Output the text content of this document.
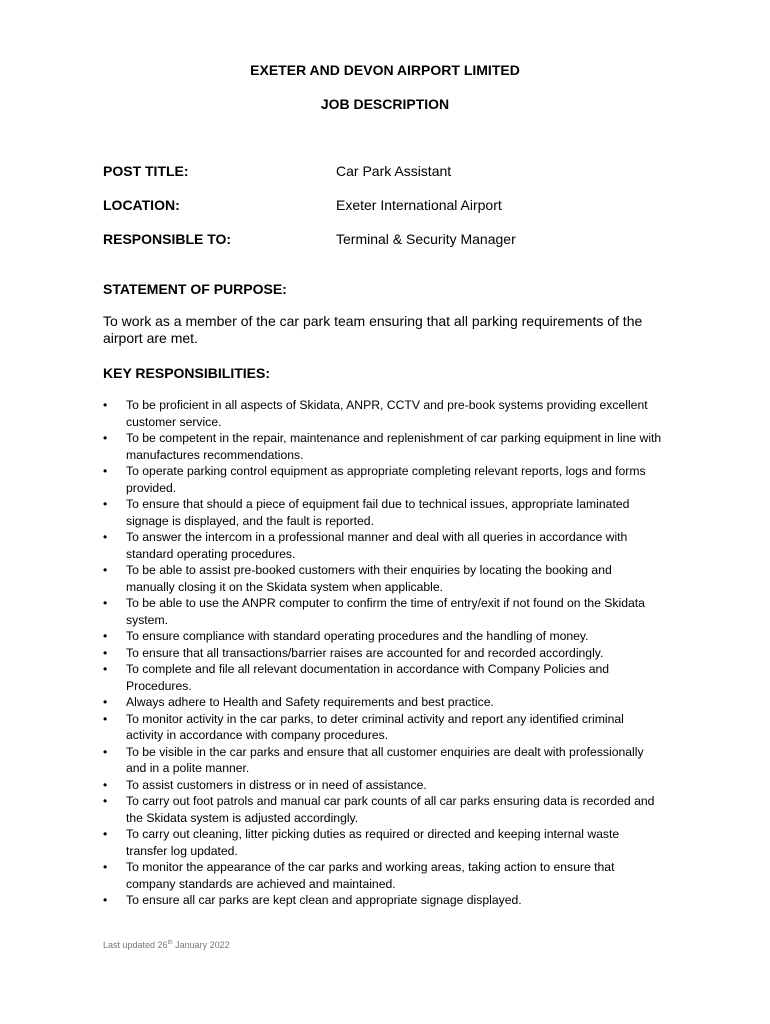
EXETER AND DEVON AIRPORT LIMITED
JOB DESCRIPTION
POST TITLE:	Car Park Assistant
LOCATION:	Exeter International Airport
RESPONSIBLE TO:	Terminal & Security Manager
STATEMENT OF PURPOSE:
To work as a member of the car park team ensuring that all parking requirements of the airport are met.
KEY RESPONSIBILITIES:
• To be proficient in all aspects of Skidata, ANPR, CCTV and pre-book systems providing excellent customer service.
• To be competent in the repair, maintenance and replenishment of car parking equipment in line with manufactures recommendations.
• To operate parking control equipment as appropriate completing relevant reports, logs and forms provided.
• To ensure that should a piece of equipment fail due to technical issues, appropriate laminated signage is displayed, and the fault is reported.
• To answer the intercom in a professional manner and deal with all queries in accordance with standard operating procedures.
• To be able to assist pre-booked customers with their enquiries by locating the booking and manually closing it on the Skidata system when applicable.
• To be able to use the ANPR computer to confirm the time of entry/exit if not found on the Skidata system.
• To ensure compliance with standard operating procedures and the handling of money.
• To ensure that all transactions/barrier raises are accounted for and recorded accordingly.
• To complete and file all relevant documentation in accordance with Company Policies and Procedures.
• Always adhere to Health and Safety requirements and best practice.
• To monitor activity in the car parks, to deter criminal activity and report any identified criminal activity in accordance with company procedures.
• To be visible in the car parks and ensure that all customer enquiries are dealt with professionally and in a polite manner.
• To assist customers in distress or in need of assistance.
• To carry out foot patrols and manual car park counts of all car parks ensuring data is recorded and the Skidata system is adjusted accordingly.
• To carry out cleaning, litter picking duties as required or directed and keeping internal waste transfer log updated.
• To monitor the appearance of the car parks and working areas, taking action to ensure that company standards are achieved and maintained.
• To ensure all car parks are kept clean and appropriate signage displayed.
Last updated 26th January 2022
